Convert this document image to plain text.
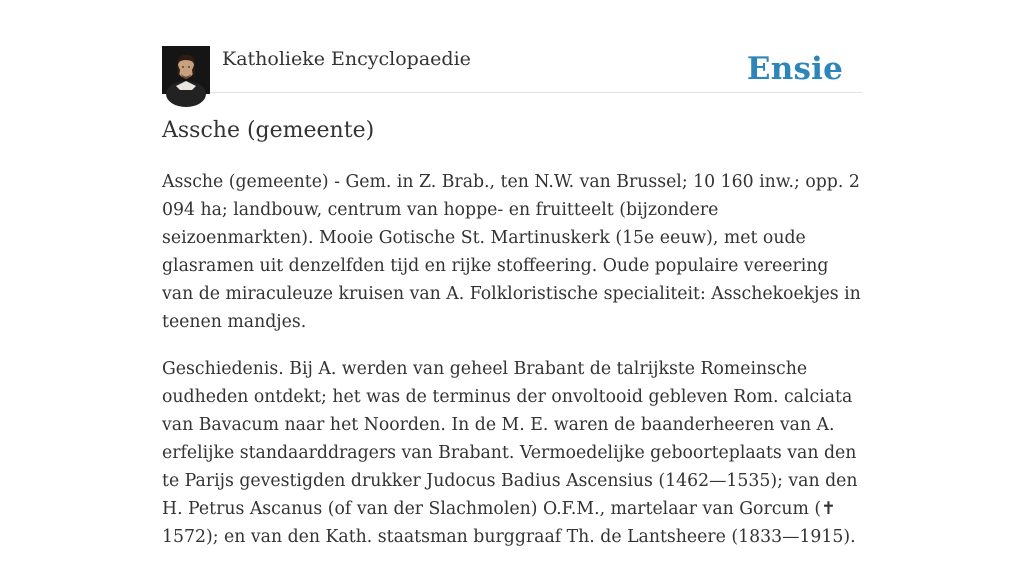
Katholieke Encyclopaedie	Ensie
Assche (gemeente)

Assche (gemeente) - Gem. in Z. Brab., ten N.W. van Brussel; 10 160 inw.; opp. 2 094 ha; landbouw, centrum van hoppe- en fruitteelt (bijzondere seizoenmarkten). Mooie Gotische St. Martinuskerk (15e eeuw), met oude glasramen uit denzelfden tijd en rijke stoffeering. Oude populaire vereering van de miraculeuze kruisen van A. Folkloristische specialiteit: Asschekoekjes in teenen mandjes.

Geschiedenis. Bij A. werden van geheel Brabant de talrijkste Romeinsche oudheden ontdekt; het was de terminus der onvoltooid gebleven Rom. calciata van Bavacum naar het Noorden. In de M. E. waren de baanderheeren van A. erfelijke standaarddragers van Brabant. Vermoedelijke geboorteplaats van den te Parijs gevestigden drukker Judocus Badius Ascensius (1462—1535); van den H. Petrus Ascanus (of van der Slachmolen) O.F.M., martelaar van Gorcum (✝ 1572); en van den Kath. staatsman burggraaf Th. de Lantsheere (1833—1915).
